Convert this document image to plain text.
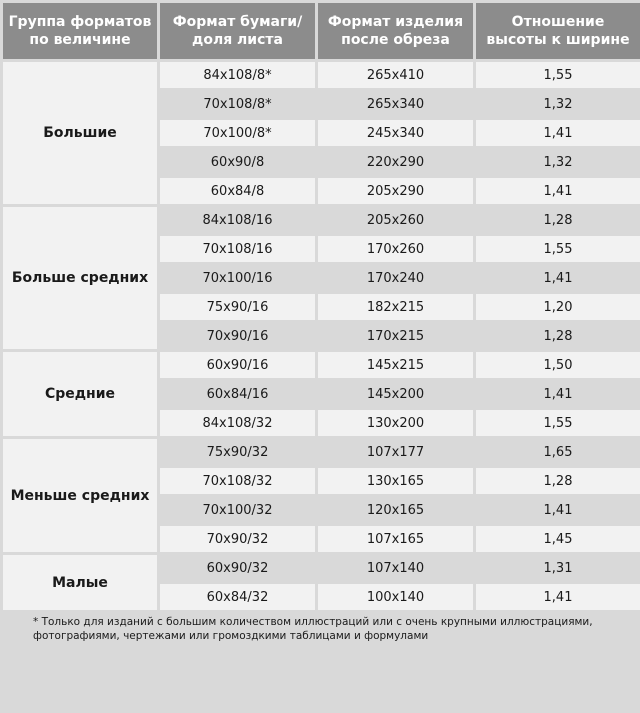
Группа форматов по величине	Формат бумаги/ доля листа	Формат изделия после обреза	Отношение высоты к ширине
Большие	84x108/8*	265x410	1,55
	70x108/8*	265x340	1,32
	70x100/8*	245x340	1,41
	60x90/8	220x290	1,32
	60x84/8	205x290	1,41
Больше средних	84x108/16	205x260	1,28
	70x108/16	170x260	1,55
	70x100/16	170x240	1,41
	75x90/16	182x215	1,20
	70x90/16	170x215	1,28
Средние	60x90/16	145x215	1,50
	60x84/16	145x200	1,41
	84x108/32	130x200	1,55
Меньше средних	75x90/32	107x177	1,65
	70x108/32	130x165	1,28
	70x100/32	120x165	1,41
	70x90/32	107x165	1,45
Малые	60x90/32	107x140	1,31
	60x84/32	100x140	1,41
* Только для изданий с большим количеством иллюстраций или с очень крупными иллюстрациями, фотографиями, чертежами или громоздкими таблицами и формулами			
